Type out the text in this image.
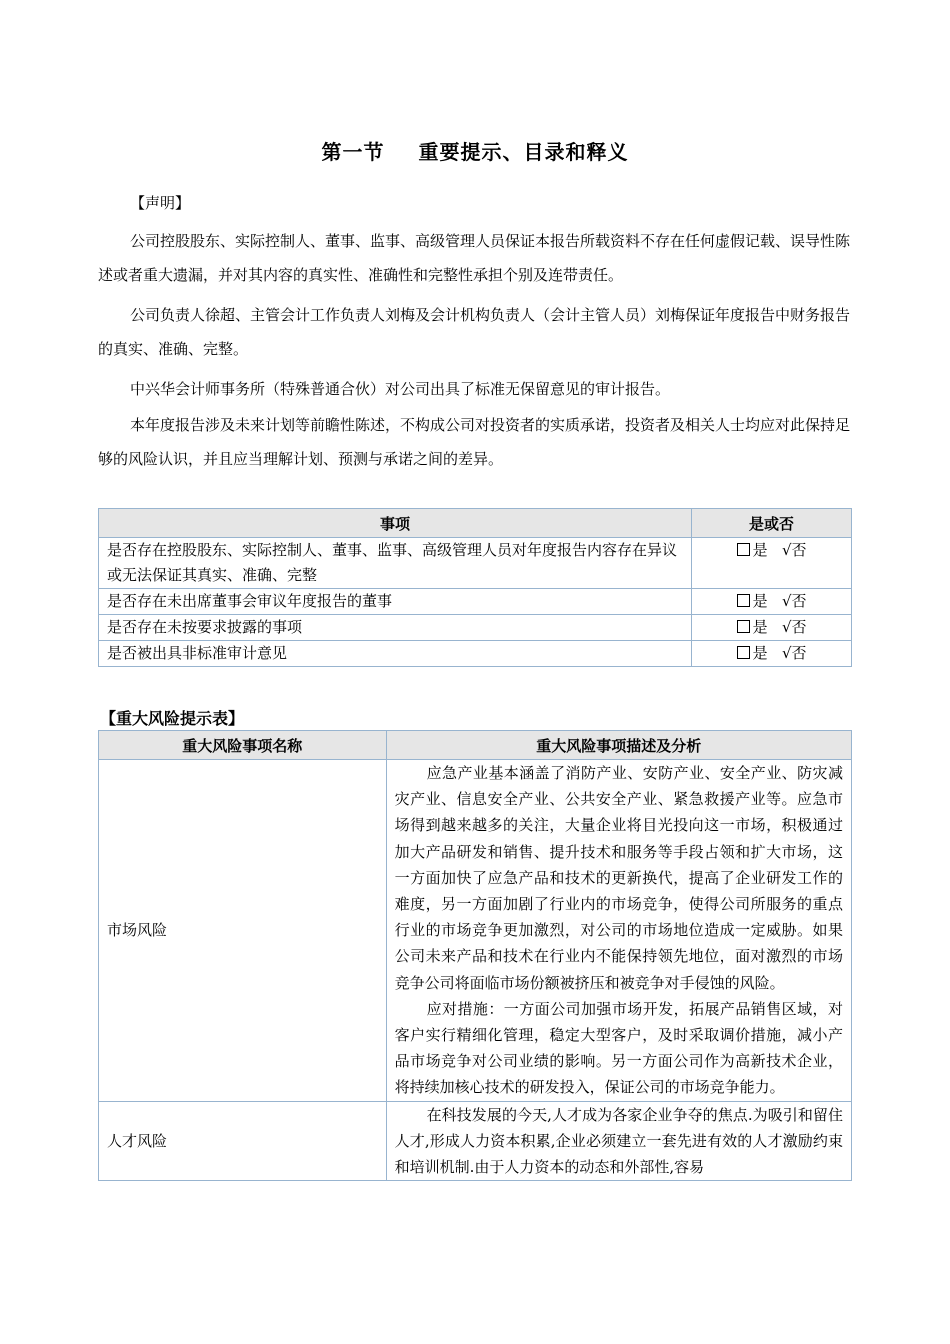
第一节 重要提示、目录和释义

【声明】

公司控股股东、实际控制人、董事、监事、高级管理人员保证本报告所载资料不存在任何虚假记载、误导性陈述或者重大遗漏，并对其内容的真实性、准确性和完整性承担个别及连带责任。

公司负责人徐超、主管会计工作负责人刘梅及会计机构负责人（会计主管人员）刘梅保证年度报告中财务报告的真实、准确、完整。

中兴华会计师事务所（特殊普通合伙）对公司出具了标准无保留意见的审计报告。

本年度报告涉及未来计划等前瞻性陈述，不构成公司对投资者的实质承诺，投资者及相关人士均应对此保持足够的风险认识，并且应当理解计划、预测与承诺之间的差异。

事项	是或否
是否存在控股股东、实际控制人、董事、监事、高级管理人员对年度报告内容存在异议或无法保证其真实、准确、完整	是 √否
是否存在未出席董事会审议年度报告的董事	是 √否
是否存在未按要求披露的事项	是 √否
是否被出具非标准审计意见	是 √否
【重大风险提示表】
重大风险事项名称	重大风险事项描述及分析
市场风险	应急产业基本涵盖了消防产业、安防产业、安全产业、防灾减灾产业、信息安全产业、公共安全产业、紧急救援产业等。应急市场得到越来越多的关注，大量企业将目光投向这一市场，积极通过加大产品研发和销售、提升技术和服务等手段占领和扩大市场，这一方面加快了应急产品和技术的更新换代，提高了企业研发工作的难度，另一方面加剧了行业内的市场竞争，使得公司所服务的重点行业的市场竞争更加激烈，对公司的市场地位造成一定威胁。如果公司未来产品和技术在行业内不能保持领先地位，面对激烈的市场竞争公司将面临市场份额被挤压和被竞争对手侵蚀的风险。

应对措施：一方面公司加强市场开发，拓展产品销售区域，对客户实行精细化管理，稳定大型客户，及时采取调价措施，减小产品市场竞争对公司业绩的影响。另一方面公司作为高新技术企业，将持续加核心技术的研发投入，保证公司的市场竞争能力。

人才风险	在科技发展的今天,人才成为各家企业争夺的焦点.为吸引和留住人才,形成人力资本积累,企业必须建立一套先进有效的人才激励约束和培训机制.由于人力资本的动态和外部性,容易
